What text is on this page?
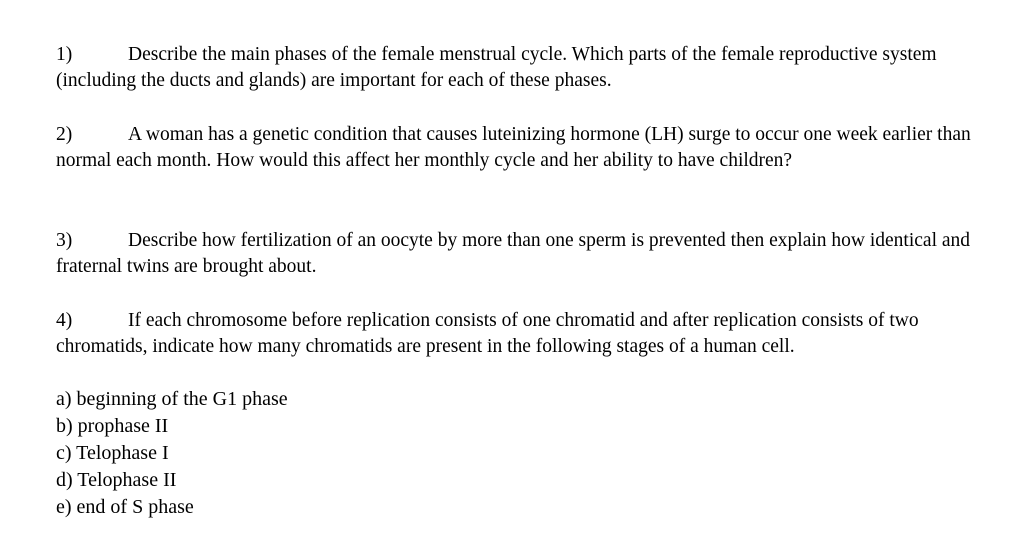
1)	Describe the main phases of the female menstrual cycle. Which parts of the female reproductive system (including the ducts and glands) are important for each of these phases.

2)	A woman has a genetic condition that causes luteinizing hormone (LH) surge to occur one week earlier than normal each month. How would this affect her monthly cycle and her ability to have children?

3)	Describe how fertilization of an oocyte by more than one sperm is prevented then explain how identical and fraternal twins are brought about.

4)	If each chromosome before replication consists of one chromatid and after replication consists of two chromatids, indicate how many chromatids are present in the following stages of a human cell.

a) beginning of the G1 phase
b) prophase II
c) Telophase I
d) Telophase II
e) end of S phase
